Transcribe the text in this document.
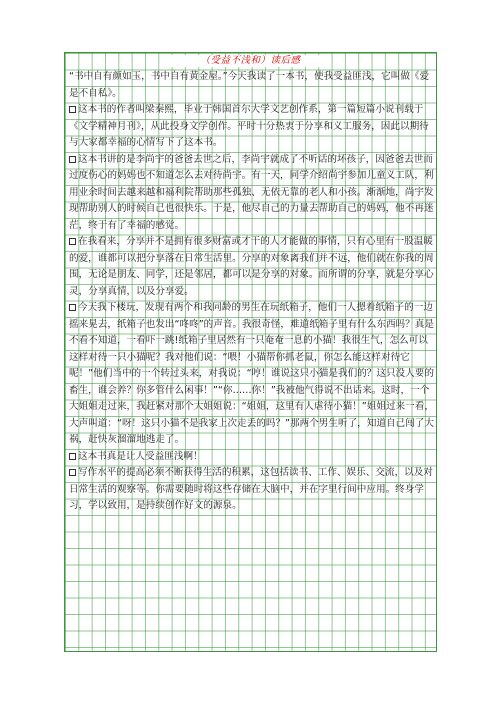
（受益不浅和）读后感

“书中自有颜如玉，书中自有黄金屋。”今天我读了一本书，使我受益匪浅，它叫做《爱是不自私》。

这本书的作者叫梁秦熙，毕业于韩国首尔大学文艺创作系，第一篇短篇小说刊载于《文学精神月刊》，从此投身文学创作。平时十分热衷于分享和义工服务，因此以期待与大家都幸福的心情写下了这本书。

这本书讲的是李尚宇的爸爸去世之后，李尚宇就成了不听话的坏孩子，因爸爸去世而过度伤心的妈妈也不知道怎么去对待尚宇。有一天，同学介绍尚宇参加儿童义工队，利用业余时间去越来越和福利院帮助那些孤独、无依无靠的老人和小孩。渐渐地，尚宇发现帮助别人的时候自己也很快乐。于是，他尽自己的力量去帮助自己的妈妈，他不再迷茫，终于有了幸福的感觉。

在我看来，分享并不是拥有很多财富或才干的人才能做的事情，只有心里有一股温暖的爱，谁都可以把分享落在日常生活里。分享的对象离我们并不远，他们就在你我的周围，无论是朋友、同学，还是邻居，都可以是分享的对象。而所谓的分享，就是分享心灵，分享真情，以及分享爱。

今天我下楼玩，发现有两个和我同龄的男生在玩纸箱子，他们一人摁着纸箱子的一边摇来晃去，纸箱子也发出“咚咚”的声音。我很奇怪，难道纸箱子里有什么东西吗？真是不看不知道，一看吓一跳!纸箱子里居然有一只奄奄一息的小猫！我很生气，怎么可以这样对待一只小猫呢？我对他们说：“喂！小猫帮你抓老鼠，你怎么能这样对待它呢！”他们当中的一个转过头来，对我说：“哼！谁说这只小猫是我们的？这只没人要的畜生，谁会养？你多管什么闲事！”“你……你！”我被他气得说不出话来。这时，一个大姐姐走过来，我赶紧对那个大姐姐说：“姐姐，这里有人虐待小猫！”姐姐过来一看，大声叫道：“呀！这只小猫不是我家上次走丢的吗？”那两个男生听了，知道自己闯了大祸，赶快灰溜溜地逃走了。

这本书真是让人受益匪浅啊！

写作水平的提高必须不断获得生活的积累，这包括读书、工作、娱乐、交流，以及对日常生活的观察等。你需要随时将这些存储在大脑中，并在字里行间中应用。终身学习，学以致用，是持续创作好文的源泉。
